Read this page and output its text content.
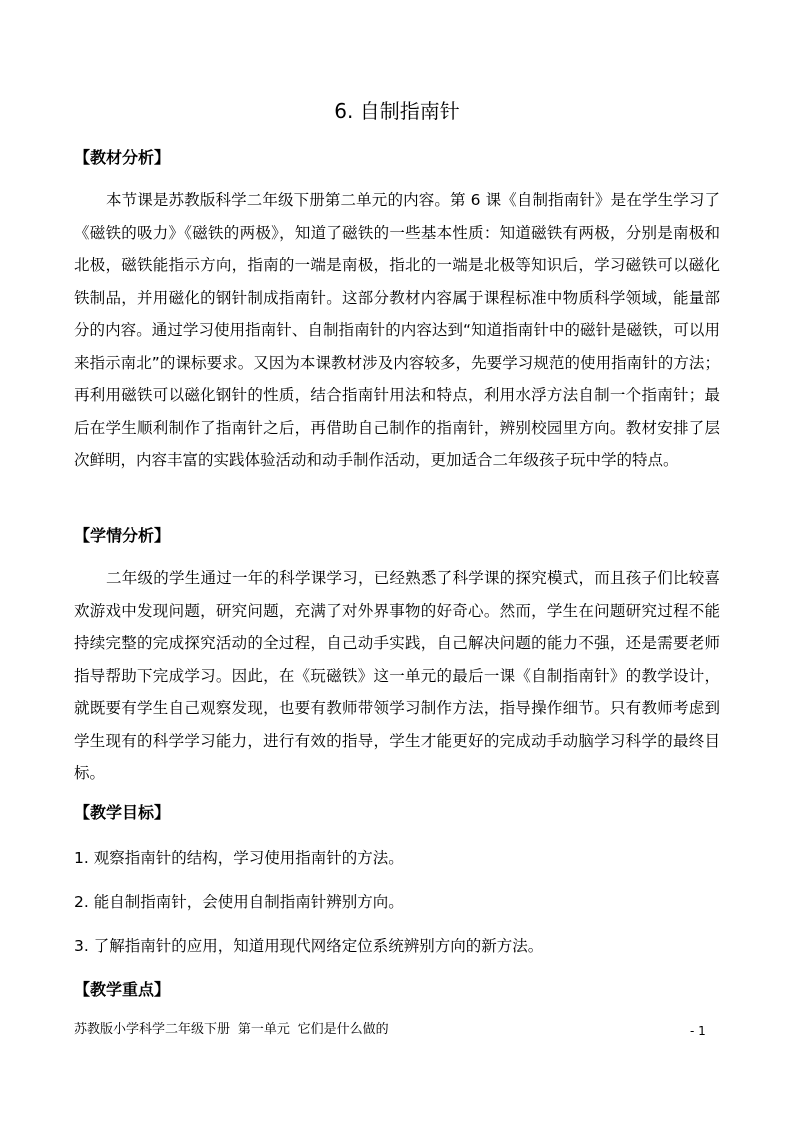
6. 自制指南针
【教材分析】
本节课是苏教版科学二年级下册第二单元的内容。第 6 课《自制指南针》是在学生学习了《磁铁的吸力》《磁铁的两极》，知道了磁铁的一些基本性质：知道磁铁有两极，分别是南极和北极，磁铁能指示方向，指南的一端是南极，指北的一端是北极等知识后，学习磁铁可以磁化铁制品，并用磁化的钢针制成指南针。这部分教材内容属于课程标准中物质科学领域，能量部分的内容。通过学习使用指南针、自制指南针的内容达到“知道指南针中的磁针是磁铁，可以用来指示南北”的课标要求。又因为本课教材涉及内容较多，先要学习规范的使用指南针的方法；再利用磁铁可以磁化钢针的性质，结合指南针用法和特点，利用水浮方法自制一个指南针；最后在学生顺利制作了指南针之后，再借助自己制作的指南针，辨别校园里方向。教材安排了层次鲜明，内容丰富的实践体验活动和动手制作活动，更加适合二年级孩子玩中学的特点。
【学情分析】
二年级的学生通过一年的科学课学习，已经熟悉了科学课的探究模式，而且孩子们比较喜欢游戏中发现问题，研究问题，充满了对外界事物的好奇心。然而，学生在问题研究过程不能持续完整的完成探究活动的全过程，自己动手实践，自己解决问题的能力不强，还是需要老师指导帮助下完成学习。因此，在《玩磁铁》这一单元的最后一课《自制指南针》的教学设计，就既要有学生自己观察发现，也要有教师带领学习制作方法，指导操作细节。只有教师考虑到学生现有的科学学习能力，进行有效的指导，学生才能更好的完成动手动脑学习科学的最终目标。
【教学目标】
1. 观察指南针的结构，学习使用指南针的方法。
2. 能自制指南针，会使用自制指南针辨别方向。
3. 了解指南针的应用，知道用现代网络定位系统辨别方向的新方法。
【教学重点】
苏教版小学科学二年级下册 第一单元 它们是什么做的	- 1
